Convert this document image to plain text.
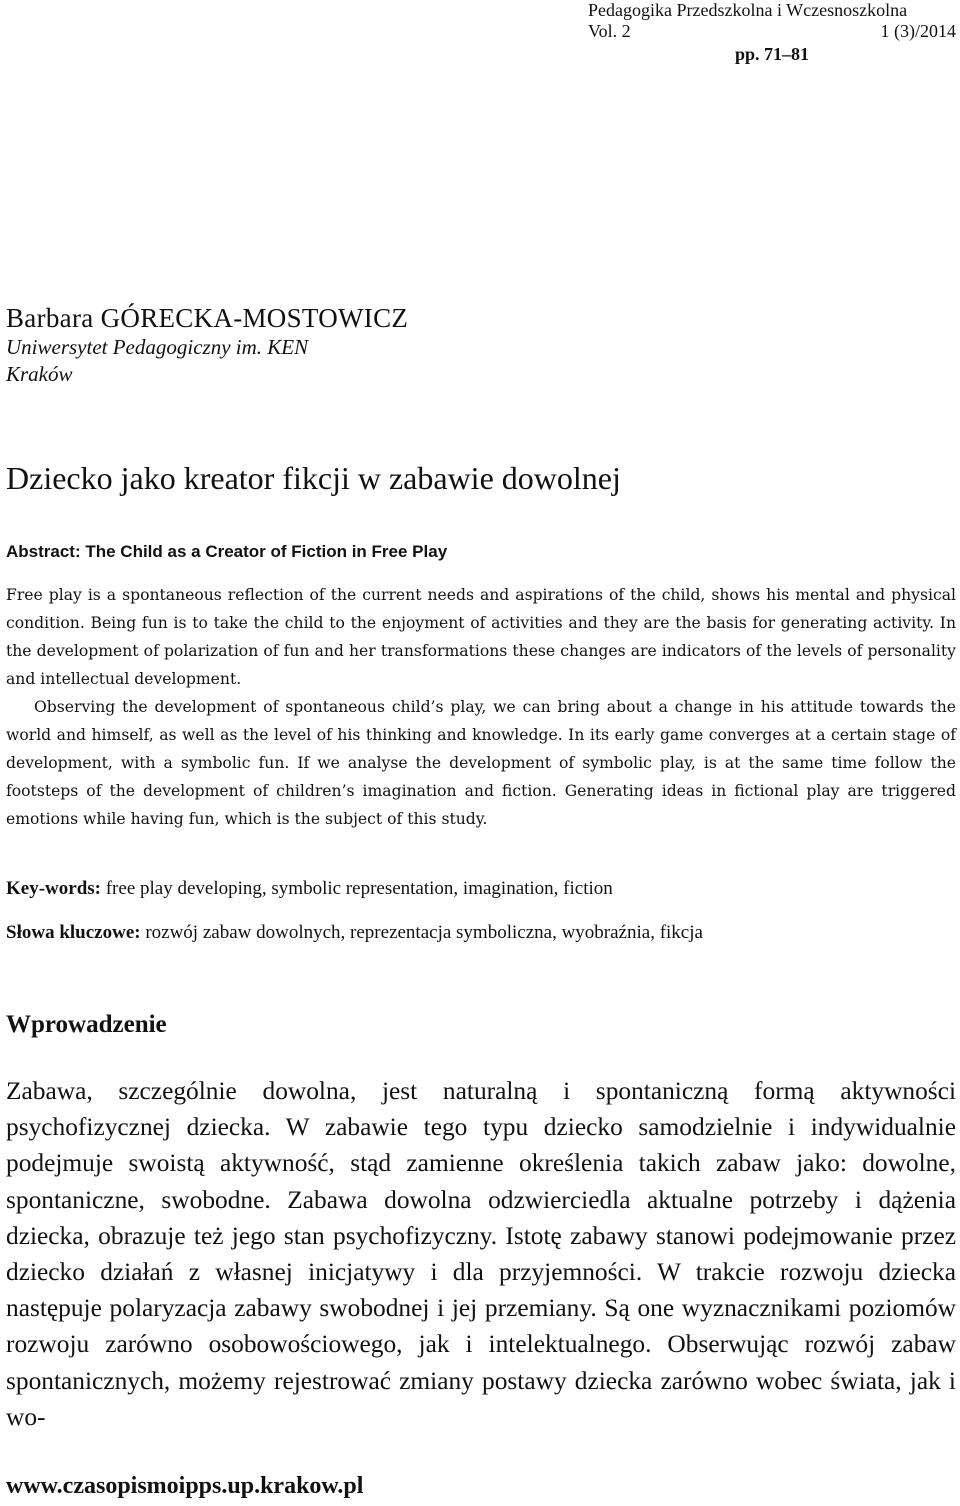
Pedagogika Przedszkolna i Wczesnoszkolna
Vol. 2	1 (3)/2014
pp. 71–81
Barbara GÓRECKA-MOSTOWICZ
Uniwersytet Pedagogiczny im. KEN
Kraków
Dziecko jako kreator fikcji w zabawie dowolnej
Abstract: The Child as a Creator of Fiction in Free Play

Free play is a spontaneous reflection of the current needs and aspirations of the child, shows his mental and physical condition. Being fun is to take the child to the enjoyment of activities and they are the basis for generating activity. In the development of polarization of fun and her transformations these changes are indicators of the levels of personality and intellectual development.

Observing the development of spontaneous child’s play, we can bring about a change in his attitude towards the world and himself, as well as the level of his thinking and knowledge. In its early game converges at a certain stage of development, with a symbolic fun. If we analyse the development of symbolic play, is at the same time follow the footsteps of the development of children’s imagination and fiction. Generating ideas in fictional play are triggered emotions while having fun, which is the subject of this study.

Key-words: free play developing, symbolic representation, imagination, fiction
Słowa kluczowe: rozwój zabaw dowolnych, reprezentacja symboliczna, wyobraźnia, fikcja
Wprowadzenie

Zabawa, szczególnie dowolna, jest naturalną i spontaniczną formą aktywności psychofizycznej dziecka. W zabawie tego typu dziecko samodzielnie i indywidualnie podejmuje swoistą aktywność, stąd zamienne określenia takich zabaw jako: dowolne, spontaniczne, swobodne. Zabawa dowolna odzwierciedla aktualne potrzeby i dążenia dziecka, obrazuje też jego stan psychofizyczny. Istotę zabawy stanowi podejmowanie przez dziecko działań z własnej inicjatywy i dla przyjemności. W trakcie rozwoju dziecka następuje polaryzacja zabawy swobodnej i jej przemiany. Są one wyznacznikami poziomów rozwoju zarówno osobowościowego, jak i intelektualnego. Obserwując rozwój zabaw spontanicznych, możemy rejestrować zmiany postawy dziecka zarówno wobec świata, jak i wo-

www.czasopismoipps.up.krakow.pl
